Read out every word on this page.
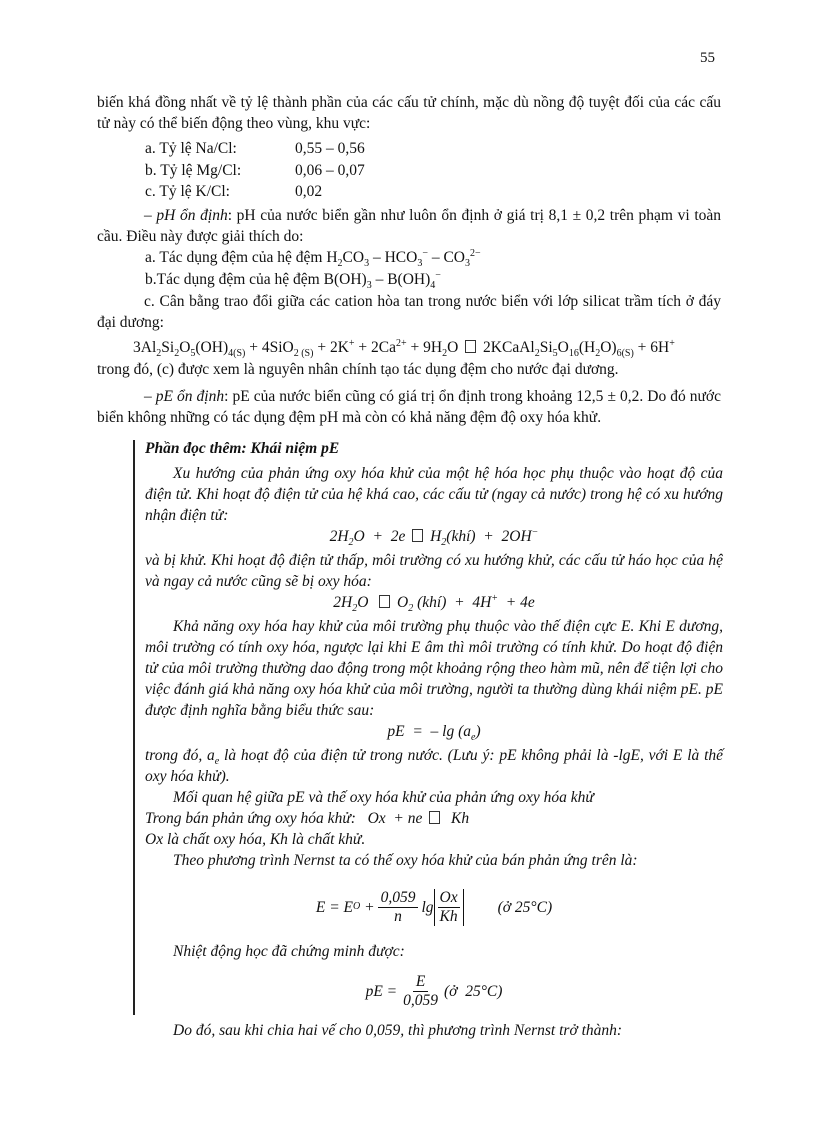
55

biến khá đồng nhất về tỷ lệ thành phần của các cấu tử chính, mặc dù nồng độ tuyệt đối của các cấu tử này có thể biến động theo vùng, khu vực:

a. Tỷ lệ Na/Cl:	0,55 – 0,56
b. Tỷ lệ Mg/Cl:	0,06 – 0,07
c. Tỷ lệ K/Cl:	0,02

– pH ổn định: pH của nước biển gần như luôn ổn định ở giá trị 8,1 ± 0,2 trên phạm vi toàn cầu. Điều này được giải thích do:

a. Tác dụng đệm của hệ đệm $H_2CO_3 - HCO_3^- - CO_3^{2-}$
b.Tác dụng đệm của hệ đệm $B(OH)_3 - B(OH)_4^-$

c. Cân bằng trao đổi giữa các cation hòa tan trong nước biển với lớp silicat trầm tích ở đáy đại dương:

$3Al_2Si_2O_5(OH)_{4(S)} + 4SiO_{2 (S)} + 2K^+ + 2Ca^{2+} + 9H_2O$  $2KCaAl_2Si_5O_{16}(H_2O)_{6(S)} + 6H^+$

trong đó, (c) được xem là nguyên nhân chính tạo tác dụng đệm cho nước đại dương.

– pE ổn định: pE của nước biển cũng có giá trị ổn định trong khoảng 12,5 ± 0,2. Do đó nước biển không những có tác dụng đệm pH mà còn có khả năng đệm độ oxy hóa khử.

Phần đọc thêm: Khái niệm pE

Xu hướng của phản ứng oxy hóa khử của một hệ hóa học phụ thuộc vào hoạt độ của điện tử. Khi hoạt độ điện tử của hệ khá cao, các cấu tử (ngay cả nước) trong hệ có xu hướng nhận điện tử:

$2H_2O + 2e$  $H_2(khí) + 2OH^-$

và bị khử. Khi hoạt độ điện tử thấp, môi trường có xu hướng khử, các cấu tử háo học của hệ và ngay cả nước cũng sẽ bị oxy hóa:

$2H_2O$   $O_2$ (khí)  +  4H+  + 4e

Khả năng oxy hóa hay khử của môi trường phụ thuộc vào thế điện cực E. Khi E dương, môi trường có tính oxy hóa, ngược lại khi E âm thì môi trường có tính khử. Do hoạt độ điện tử của môi trường thường dao động trong một khoảng rộng theo hàm mũ, nên để tiện lợi cho việc đánh giá khả năng oxy hóa khử của môi trường, người ta thường dùng khái niệm pE. pE được định nghĩa bằng biểu thức sau:

pE  =  – $\lg (a_e)$

trong đó, $a_e$ là hoạt độ của điện tử trong nước. (Lưu ý: pE không phải là -lgE, với E là thế oxy hóa khử).

Mối quan hệ giữa pE và thế oxy hóa khử của phản ứng oxy hóa khử

Trong bán phản ứng oxy hóa khử:   Ox  + ne   Kh

Ox là chất oxy hóa, Kh là chất khử.

Theo phương trình Nernst ta có thế oxy hóa khử của bán phản ứng trên là:

E = E $O + \frac{0,059}{n}$ $\lg \frac{Ox}{Kh}$ (ở 25°C)

Nhiệt động học đã chứng minh được:

pE = $\frac{E}{0,059}$ (ở  25°C)

Do đó, sau khi chia hai vế cho 0,059, thì phương trình Nernst trở thành:
